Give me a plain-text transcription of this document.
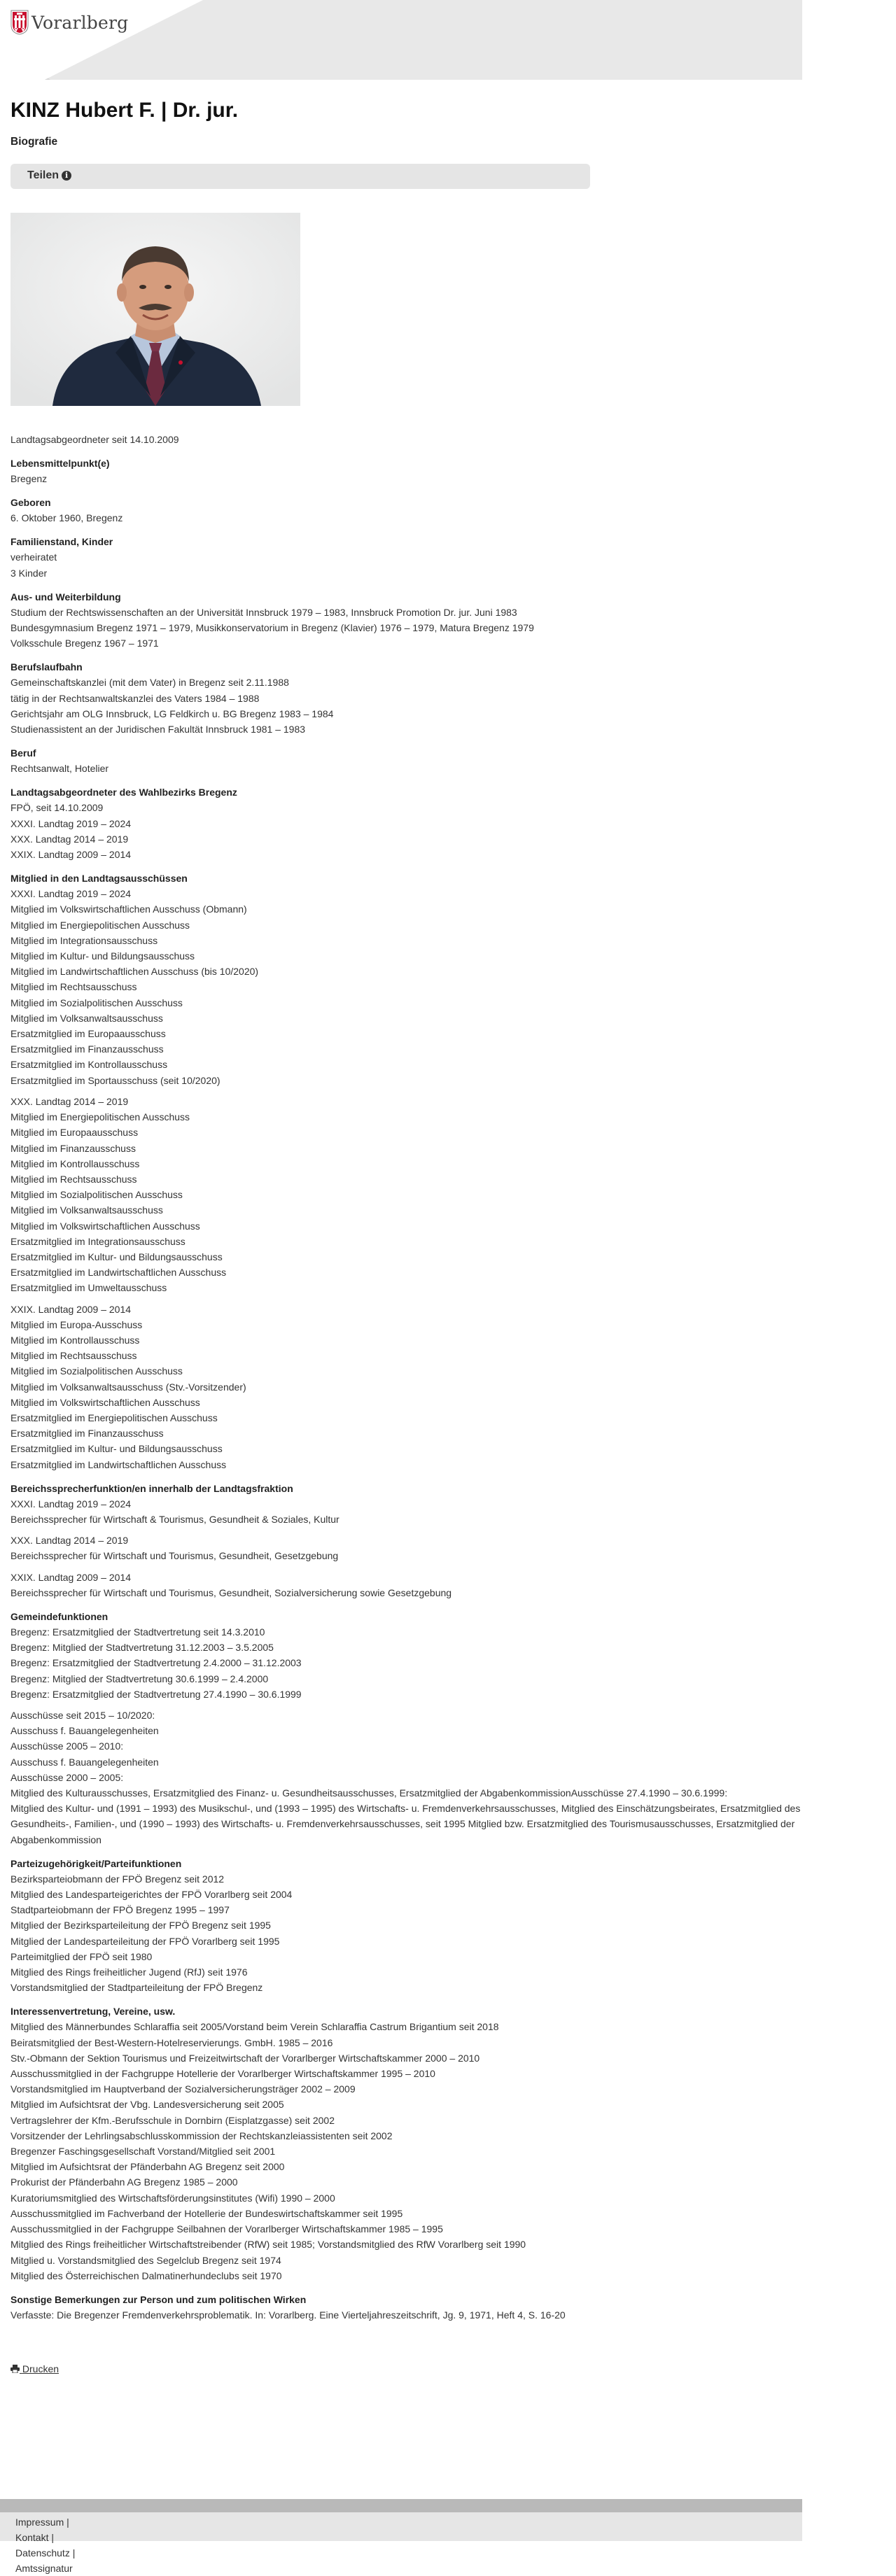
Vorarlberg
KINZ Hubert F. | Dr. jur.
Biografie
Teilen i
Landtagsabgeordneter seit 14.10.2009
Lebensmittelpunkt(e)

Bregenz

Geboren

6. Oktober 1960, Bregenz

Familienstand, Kinder

verheiratet

3 Kinder

Aus- und Weiterbildung

Studium der Rechtswissenschaften an der Universität Innsbruck 1979 – 1983, Innsbruck Promotion Dr. jur. Juni 1983

Bundesgymnasium Bregenz 1971 – 1979, Musikkonservatorium in Bregenz (Klavier) 1976 – 1979, Matura Bregenz 1979

Volksschule Bregenz 1967 – 1971

Berufslaufbahn

Gemeinschaftskanzlei (mit dem Vater) in Bregenz seit 2.11.1988

tätig in der Rechtsanwaltskanzlei des Vaters 1984 – 1988

Gerichtsjahr am OLG Innsbruck, LG Feldkirch u. BG Bregenz 1983 – 1984

Studienassistent an der Juridischen Fakultät Innsbruck 1981 – 1983

Beruf

Rechtsanwalt, Hotelier

Landtagsabgeordneter des Wahlbezirks Bregenz

FPÖ, seit 14.10.2009

XXXI. Landtag 2019 – 2024

XXX. Landtag 2014 – 2019

XXIX. Landtag 2009 – 2014

Mitglied in den Landtagsausschüssen

XXXI. Landtag 2019 – 2024

Mitglied im Volkswirtschaftlichen Ausschuss (Obmann)

Mitglied im Energiepolitischen Ausschuss

Mitglied im Integrationsausschuss

Mitglied im Kultur- und Bildungsausschuss

Mitglied im Landwirtschaftlichen Ausschuss (bis 10/2020)

Mitglied im Rechtsausschuss

Mitglied im Sozialpolitischen Ausschuss

Mitglied im Volksanwaltsausschuss

Ersatzmitglied im Europaausschuss

Ersatzmitglied im Finanzausschuss

Ersatzmitglied im Kontrollausschuss

Ersatzmitglied im Sportausschuss (seit 10/2020)

XXX. Landtag 2014 – 2019

Mitglied im Energiepolitischen Ausschuss

Mitglied im Europaausschuss

Mitglied im Finanzausschuss

Mitglied im Kontrollausschuss

Mitglied im Rechtsausschuss

Mitglied im Sozialpolitischen Ausschuss

Mitglied im Volksanwaltsausschuss

Mitglied im Volkswirtschaftlichen Ausschuss

Ersatzmitglied im Integrationsausschuss

Ersatzmitglied im Kultur- und Bildungsausschuss

Ersatzmitglied im Landwirtschaftlichen Ausschuss

Ersatzmitglied im Umweltausschuss

XXIX. Landtag 2009 – 2014

Mitglied im Europa-Ausschuss

Mitglied im Kontrollausschuss

Mitglied im Rechtsausschuss

Mitglied im Sozialpolitischen Ausschuss

Mitglied im Volksanwaltsausschuss (Stv.-Vorsitzender)

Mitglied im Volkswirtschaftlichen Ausschuss

Ersatzmitglied im Energiepolitischen Ausschuss

Ersatzmitglied im Finanzausschuss

Ersatzmitglied im Kultur- und Bildungsausschuss

Ersatzmitglied im Landwirtschaftlichen Ausschuss

Bereichssprecherfunktion/en innerhalb der Landtagsfraktion

XXXI. Landtag 2019 – 2024

Bereichssprecher für Wirtschaft & Tourismus, Gesundheit & Soziales, Kultur

XXX. Landtag 2014 – 2019

Bereichssprecher für Wirtschaft und Tourismus, Gesundheit, Gesetzgebung

XXIX. Landtag 2009 – 2014

Bereichssprecher für Wirtschaft und Tourismus, Gesundheit, Sozialversicherung sowie Gesetzgebung

Gemeindefunktionen

Bregenz: Ersatzmitglied der Stadtvertretung seit 14.3.2010

Bregenz: Mitglied der Stadtvertretung 31.12.2003 – 3.5.2005

Bregenz: Ersatzmitglied der Stadtvertretung 2.4.2000 – 31.12.2003

Bregenz: Mitglied der Stadtvertretung 30.6.1999 – 2.4.2000

Bregenz: Ersatzmitglied der Stadtvertretung 27.4.1990 – 30.6.1999

Ausschüsse seit 2015 – 10/2020:

Ausschuss f. Bauangelegenheiten

Ausschüsse 2005 – 2010:

Ausschuss f. Bauangelegenheiten

Ausschüsse 2000 – 2005:

Mitglied des Kulturausschusses, Ersatzmitglied des Finanz- u. Gesundheitsausschusses, Ersatzmitglied der AbgabenkommissionAusschüsse 27.4.1990 – 30.6.1999:

Mitglied des Kultur- und (1991 – 1993) des Musikschul-, und (1993 – 1995) des Wirtschafts- u. Fremdenverkehrsausschusses, Mitglied des Einschätzungsbeirates, Ersatzmitglied des Gesundheits-, Familien-, und (1990 – 1993) des Wirtschafts- u. Fremdenverkehrsausschusses, seit 1995 Mitglied bzw. Ersatzmitglied des Tourismusausschusses, Ersatzmitglied der Abgabenkommission

Parteizugehörigkeit/Parteifunktionen

Bezirksparteiobmann der FPÖ Bregenz seit 2012

Mitglied des Landesparteigerichtes der FPÖ Vorarlberg seit 2004

Stadtparteiobmann der FPÖ Bregenz 1995 – 1997

Mitglied der Bezirksparteileitung der FPÖ Bregenz seit 1995

Mitglied der Landesparteileitung der FPÖ Vorarlberg seit 1995

Parteimitglied der FPÖ seit 1980

Mitglied des Rings freiheitlicher Jugend (RfJ) seit 1976

Vorstandsmitglied der Stadtparteileitung der FPÖ Bregenz

Interessenvertretung, Vereine, usw.

Mitglied des Männerbundes Schlaraffia seit 2005/Vorstand beim Verein Schlaraffia Castrum Brigantium seit 2018

Beiratsmitglied der Best-Western-Hotelreservierungs. GmbH. 1985 – 2016

Stv.-Obmann der Sektion Tourismus und Freizeitwirtschaft der Vorarlberger Wirtschaftskammer 2000 – 2010

Ausschussmitglied in der Fachgruppe Hotellerie der Vorarlberger Wirtschaftskammer 1995 – 2010

Vorstandsmitglied im Hauptverband der Sozialversicherungsträger 2002 – 2009

Mitglied im Aufsichtsrat der Vbg. Landesversicherung seit 2005

Vertragslehrer der Kfm.-Berufsschule in Dornbirn (Eisplatzgasse) seit 2002

Vorsitzender der Lehrlingsabschlusskommission der Rechtskanzleiassistenten seit 2002

Bregenzer Faschingsgesellschaft Vorstand/Mitglied seit 2001

Mitglied im Aufsichtsrat der Pfänderbahn AG Bregenz seit 2000

Prokurist der Pfänderbahn AG Bregenz 1985 – 2000

Kuratoriumsmitglied des Wirtschaftsförderungsinstitutes (Wifi) 1990 – 2000

Ausschussmitglied im Fachverband der Hotellerie der Bundeswirtschaftskammer seit 1995

Ausschussmitglied in der Fachgruppe Seilbahnen der Vorarlberger Wirtschaftskammer 1985 – 1995

Mitglied des Rings freiheitlicher Wirtschaftstreibender (RfW) seit 1985; Vorstandsmitglied des RfW Vorarlberg seit 1990

Mitglied u. Vorstandsmitglied des Segelclub Bregenz seit 1974

Mitglied des Österreichischen Dalmatinerhundeclubs seit 1970

Sonstige Bemerkungen zur Person und zum politischen Wirken

Verfasste: Die Bregenzer Fremdenverkehrsproblematik. In: Vorarlberg. Eine Vierteljahreszeitschrift, Jg. 9, 1971, Heft 4, S. 16-20

Drucken
Impressum |
Kontakt |
Datenschutz |
Amtssignatur
